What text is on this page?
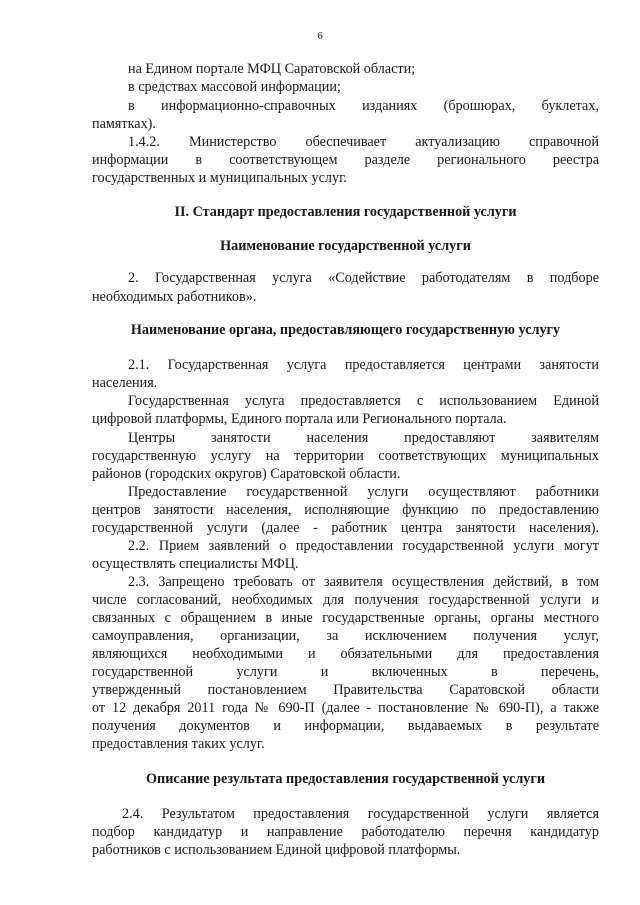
6
на Едином портале МФЦ Саратовской области;
в средствах массовой информации;
в информационно-справочных изданиях (брошюрах, буклетах,
памятках).
1.4.2. Министерство обеспечивает актуализацию справочной
информации в соответствующем разделе регионального реестра
государственных и муниципальных услуг.
II. Стандарт предоставления государственной услуги
Наименование государственной услуги
2. Государственная услуга «Содействие работодателям в подборе
необходимых работников».
Наименование органа, предоставляющего государственную услугу
2.1. Государственная услуга предоставляется центрами занятости
населения.
Государственная услуга предоставляется с использованием Единой
цифровой платформы, Единого портала или Регионального портала.
Центры занятости населения предоставляют заявителям
государственную услугу на территории соответствующих муниципальных
районов (городских округов) Саратовской области.
Предоставление государственной услуги осуществляют работники
центров занятости населения, исполняющие функцию по предоставлению
государственной услуги (далее - работник центра занятости населения).
2.2. Прием заявлений о предоставлении государственной услуги могут
осуществлять специалисты МФЦ.
2.3. Запрещено требовать от заявителя осуществления действий, в том
числе согласований, необходимых для получения государственной услуги и
связанных с обращением в иные государственные органы, органы местного
самоуправления, организации, за исключением получения услуг,
являющихся необходимыми и обязательными для предоставления
государственной услуги и включенных в перечень,
утвержденный постановлением Правительства Саратовской области
от 12 декабря 2011 года № 690-П (далее - постановление № 690-П), а также
получения документов и информации, выдаваемых в результате
предоставления таких услуг.
Описание результата предоставления государственной услуги
2.4. Результатом предоставления государственной услуги является
подбор кандидатур и направление работодателю перечня кандидатур
работников с использованием Единой цифровой платформы.
